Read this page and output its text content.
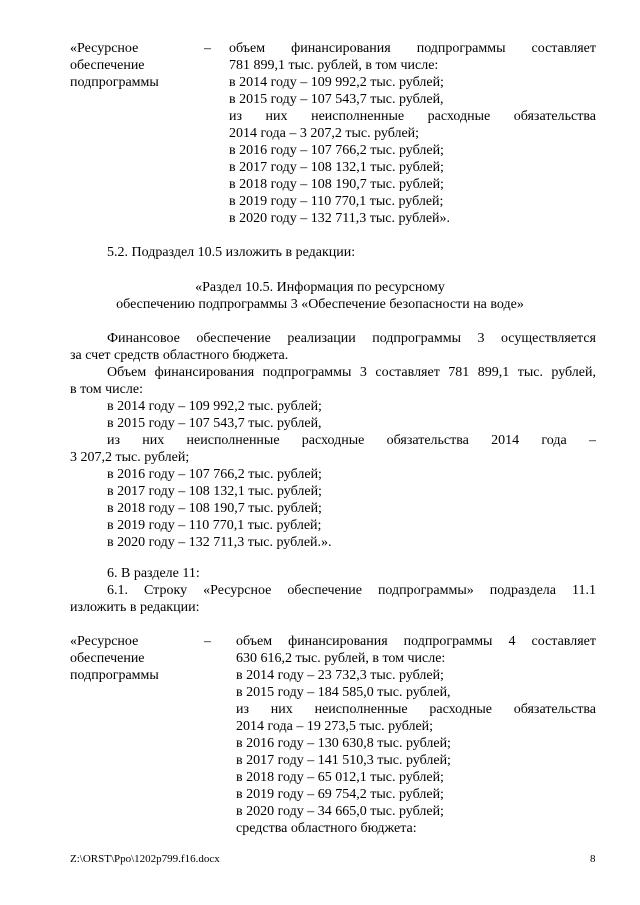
«Ресурсное
обеспечение
подпрограммы
– объем финансирования подпрограммы составляет
781 899,1 тыс. рублей, в том числе:
в 2014 году – 109 992,2 тыс. рублей;
в 2015 году – 107 543,7 тыс. рублей,
из них неисполненные расходные обязательства
2014 года – 3 207,2 тыс. рублей;
в 2016 году – 107 766,2 тыс. рублей;
в 2017 году – 108 132,1 тыс. рублей;
в 2018 году – 108 190,7 тыс. рублей;
в 2019 году – 110 770,1 тыс. рублей;
в 2020 году – 132 711,3 тыс. рублей».
5.2. Подраздел 10.5 изложить в редакции:
«Раздел 10.5. Информация по ресурсному
обеспечению подпрограммы 3 «Обеспечение безопасности на воде»
Финансовое обеспечение реализации подпрограммы 3 осуществляется
за счет средств областного бюджета.
Объем финансирования подпрограммы 3 составляет 781 899,1 тыс. рублей,
в том числе:
в 2014 году – 109 992,2 тыс. рублей;
в 2015 году – 107 543,7 тыс. рублей,
из них неисполненные расходные обязательства 2014 года –
3 207,2 тыс. рублей;
в 2016 году – 107 766,2 тыс. рублей;
в 2017 году – 108 132,1 тыс. рублей;
в 2018 году – 108 190,7 тыс. рублей;
в 2019 году – 110 770,1 тыс. рублей;
в 2020 году – 132 711,3 тыс. рублей.».
6. В разделе 11:
6.1. Строку «Ресурсное обеспечение подпрограммы» подраздела 11.1
изложить в редакции:
«Ресурсное
обеспечение
подпрограммы
– объем финансирования подпрограммы 4 составляет
630 616,2 тыс. рублей, в том числе:
в 2014 году – 23 732,3 тыс. рублей;
в 2015 году – 184 585,0 тыс. рублей,
из них неисполненные расходные обязательства
2014 года – 19 273,5 тыс. рублей;
в 2016 году – 130 630,8 тыс. рублей;
в 2017 году – 141 510,3 тыс. рублей;
в 2018 году – 65 012,1 тыс. рублей;
в 2019 году – 69 754,2 тыс. рублей;
в 2020 году – 34 665,0 тыс. рублей;
средства областного бюджета:
Z:\ORST\Ppo\1202p799.f16.docx	8
